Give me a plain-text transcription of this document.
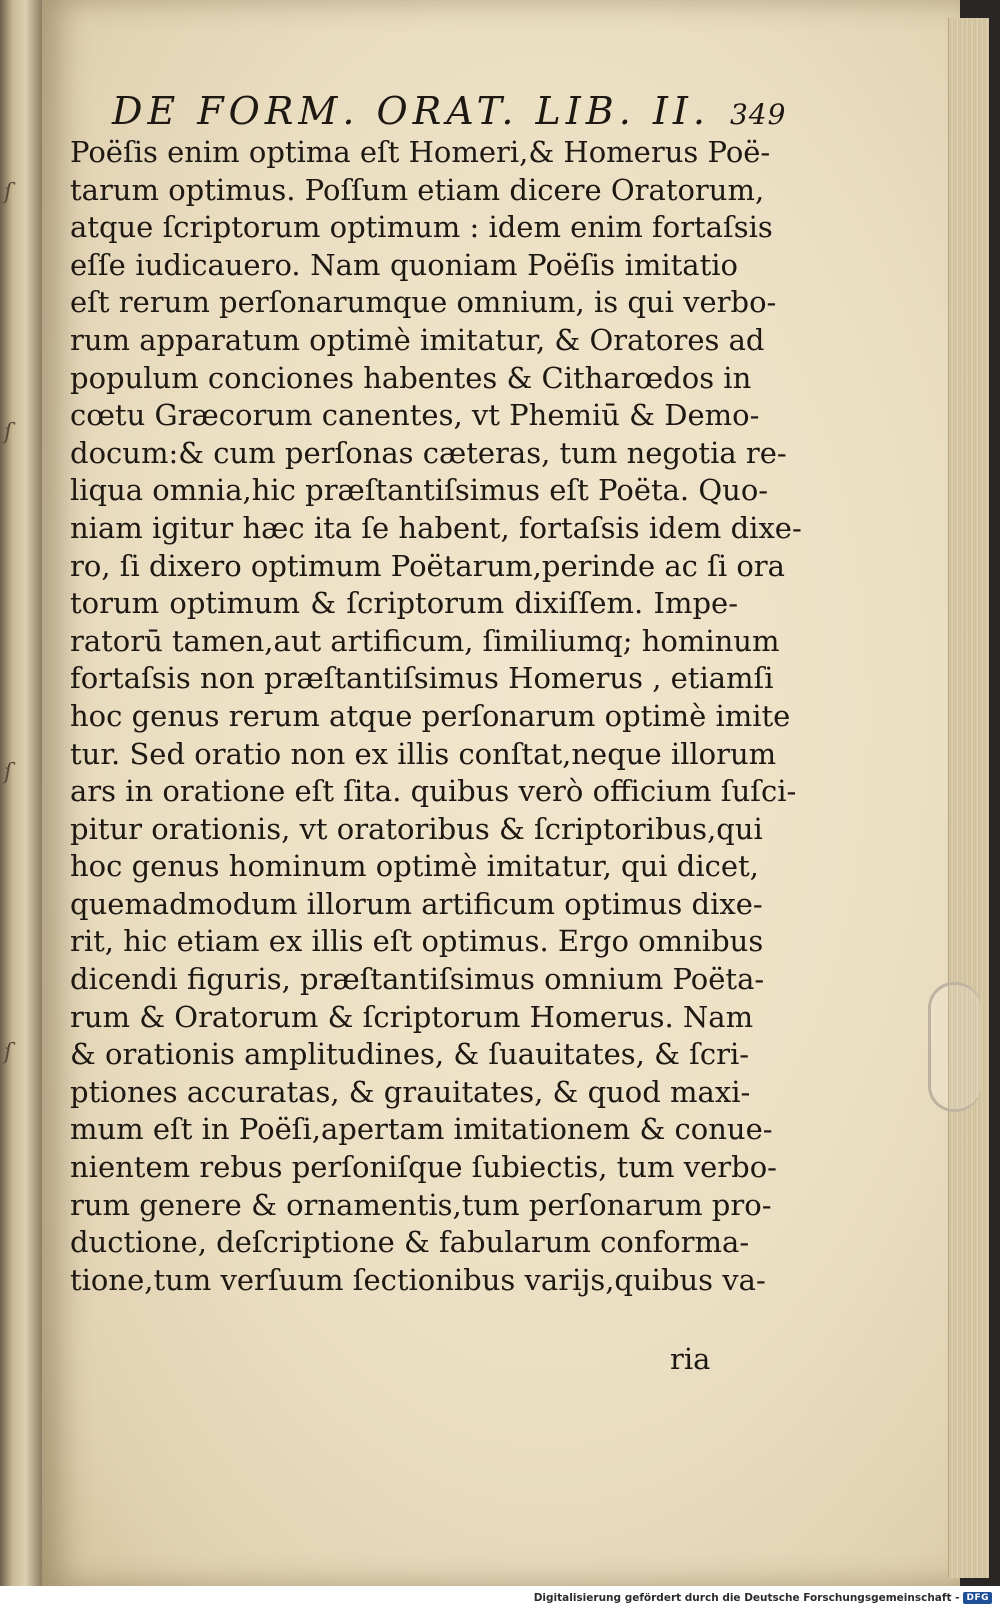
ſ
ſ
ſ
ſ
DE FORM. ORAT. LIB. II. 349
Poëſis enim optima eſt Homeri,& Homerus Poë-
tarum optimus. Poſſum etiam dicere Oratorum,
atque ſcriptorum optimum : idem enim fortaſsis
eſſe iudicauero. Nam quoniam Poëſis imitatio
eſt rerum perſonarumque omnium, is qui verbo-
rum apparatum optimè imitatur, & Oratores ad
populum conciones habentes & Citharœdos in
cœtu Græcorum canentes, vt Phemiū & Demo-
docum:& cum perſonas cæteras, tum negotia re-
liqua omnia,hic præſtantiſsimus eſt Poëta. Quo-
niam igitur hæc ita ſe habent, fortaſsis idem dixe-
ro, ſi dixero optimum Poëtarum,perinde ac ſi ora
torum optimum & ſcriptorum dixiſſem. Impe-
ratorū tamen,aut artificum, ſimiliumq; hominum
fortaſsis non præſtantiſsimus Homerus , etiamſi
hoc genus rerum atque perſonarum optimè imite
tur. Sed oratio non ex illis conſtat,neque illorum
ars in oratione eſt ſita. quibus verò officium ſuſci-
pitur orationis, vt oratoribus & ſcriptoribus,qui
hoc genus hominum optimè imitatur, qui dicet,
quemadmodum illorum artificum optimus dixe-
rit, hic etiam ex illis eſt optimus. Ergo omnibus
dicendi figuris, præſtantiſsimus omnium Poëta-
rum & Oratorum & ſcriptorum Homerus. Nam
& orationis amplitudines, & ſuauitates, & ſcri-
ptiones accuratas, & grauitates, & quod maxi-
mum eſt in Poëſi,apertam imitationem & conue-
nientem rebus perſoniſque ſubiectis, tum verbo-
rum genere & ornamentis,tum perſonarum pro-
ductione, deſcriptione & fabularum conforma-
tione,tum verſuum ſectionibus varijs,quibus va-
ria
Digitalisierung gefördert durch die Deutsche Forschungsgemeinschaft - DFG
